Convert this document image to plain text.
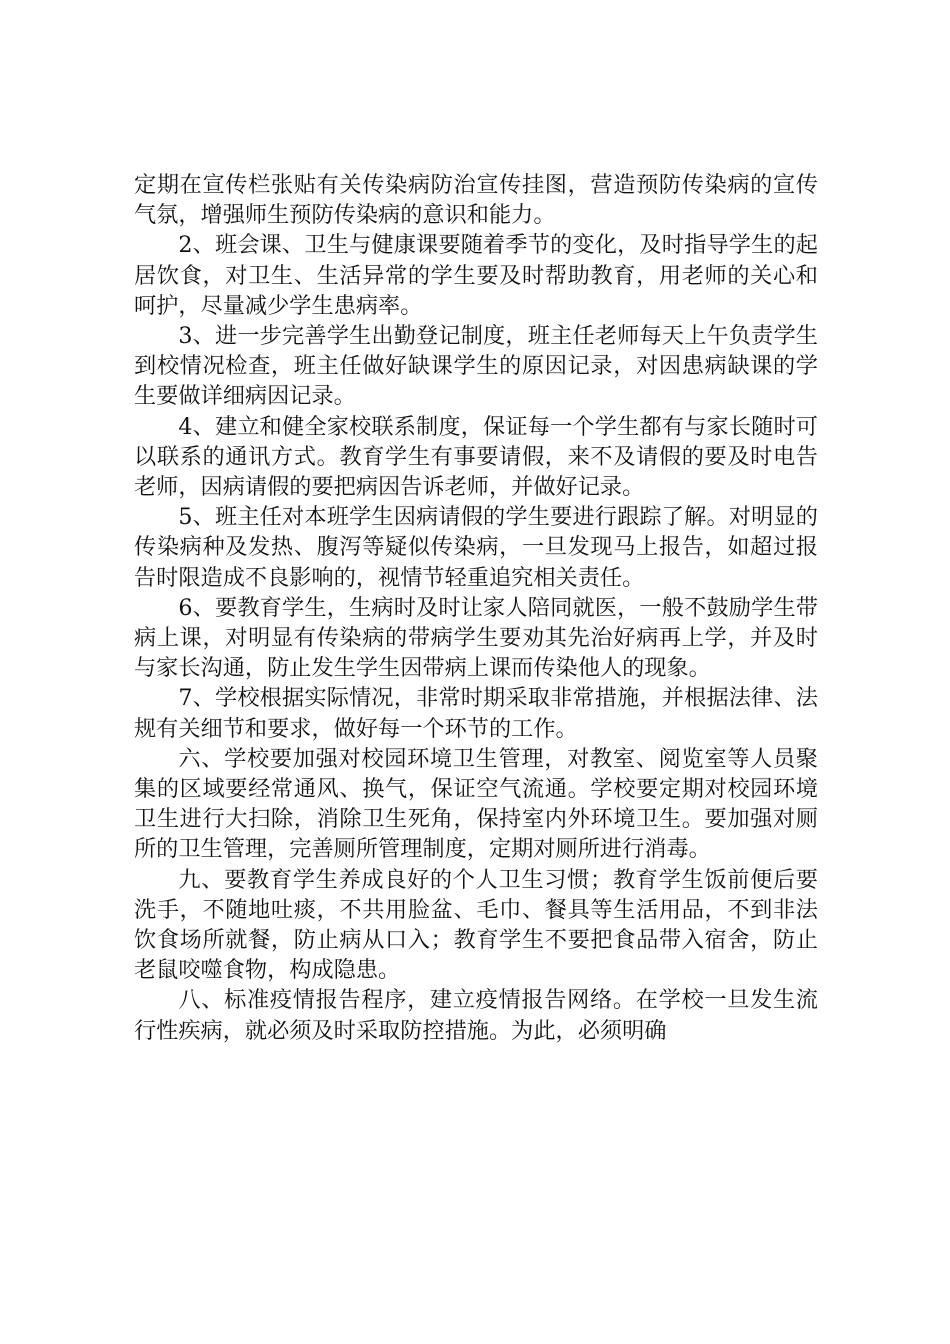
定期在宣传栏张贴有关传染病防治宣传挂图，营造预防传染病的宣传气氛，增强师生预防传染病的意识和能力。

2、班会课、卫生与健康课要随着季节的变化，及时指导学生的起居饮食，对卫生、生活异常的学生要及时帮助教育，用老师的关心和呵护，尽量减少学生患病率。

3、进一步完善学生出勤登记制度，班主任老师每天上午负责学生到校情况检查，班主任做好缺课学生的原因记录，对因患病缺课的学生要做详细病因记录。

4、建立和健全家校联系制度，保证每一个学生都有与家长随时可以联系的通讯方式。教育学生有事要请假，来不及请假的要及时电告老师，因病请假的要把病因告诉老师，并做好记录。

5、班主任对本班学生因病请假的学生要进行跟踪了解。对明显的传染病种及发热、腹泻等疑似传染病，一旦发现马上报告，如超过报告时限造成不良影响的，视情节轻重追究相关责任。

6、要教育学生，生病时及时让家人陪同就医，一般不鼓励学生带病上课，对明显有传染病的带病学生要劝其先治好病再上学，并及时与家长沟通，防止发生学生因带病上课而传染他人的现象。

7、学校根据实际情况，非常时期采取非常措施，并根据法律、法规有关细节和要求，做好每一个环节的工作。

六、学校要加强对校园环境卫生管理，对教室、阅览室等人员聚集的区域要经常通风、换气，保证空气流通。学校要定期对校园环境卫生进行大扫除，消除卫生死角，保持室内外环境卫生。要加强对厕所的卫生管理，完善厕所管理制度，定期对厕所进行消毒。

九、要教育学生养成良好的个人卫生习惯；教育学生饭前便后要洗手，不随地吐痰，不共用脸盆、毛巾、餐具等生活用品，不到非法饮食场所就餐，防止病从口入；教育学生不要把食品带入宿舍，防止老鼠咬噬食物，构成隐患。

八、标准疫情报告程序，建立疫情报告网络。在学校一旦发生流行性疾病，就必须及时采取防控措施。为此，必须明确
